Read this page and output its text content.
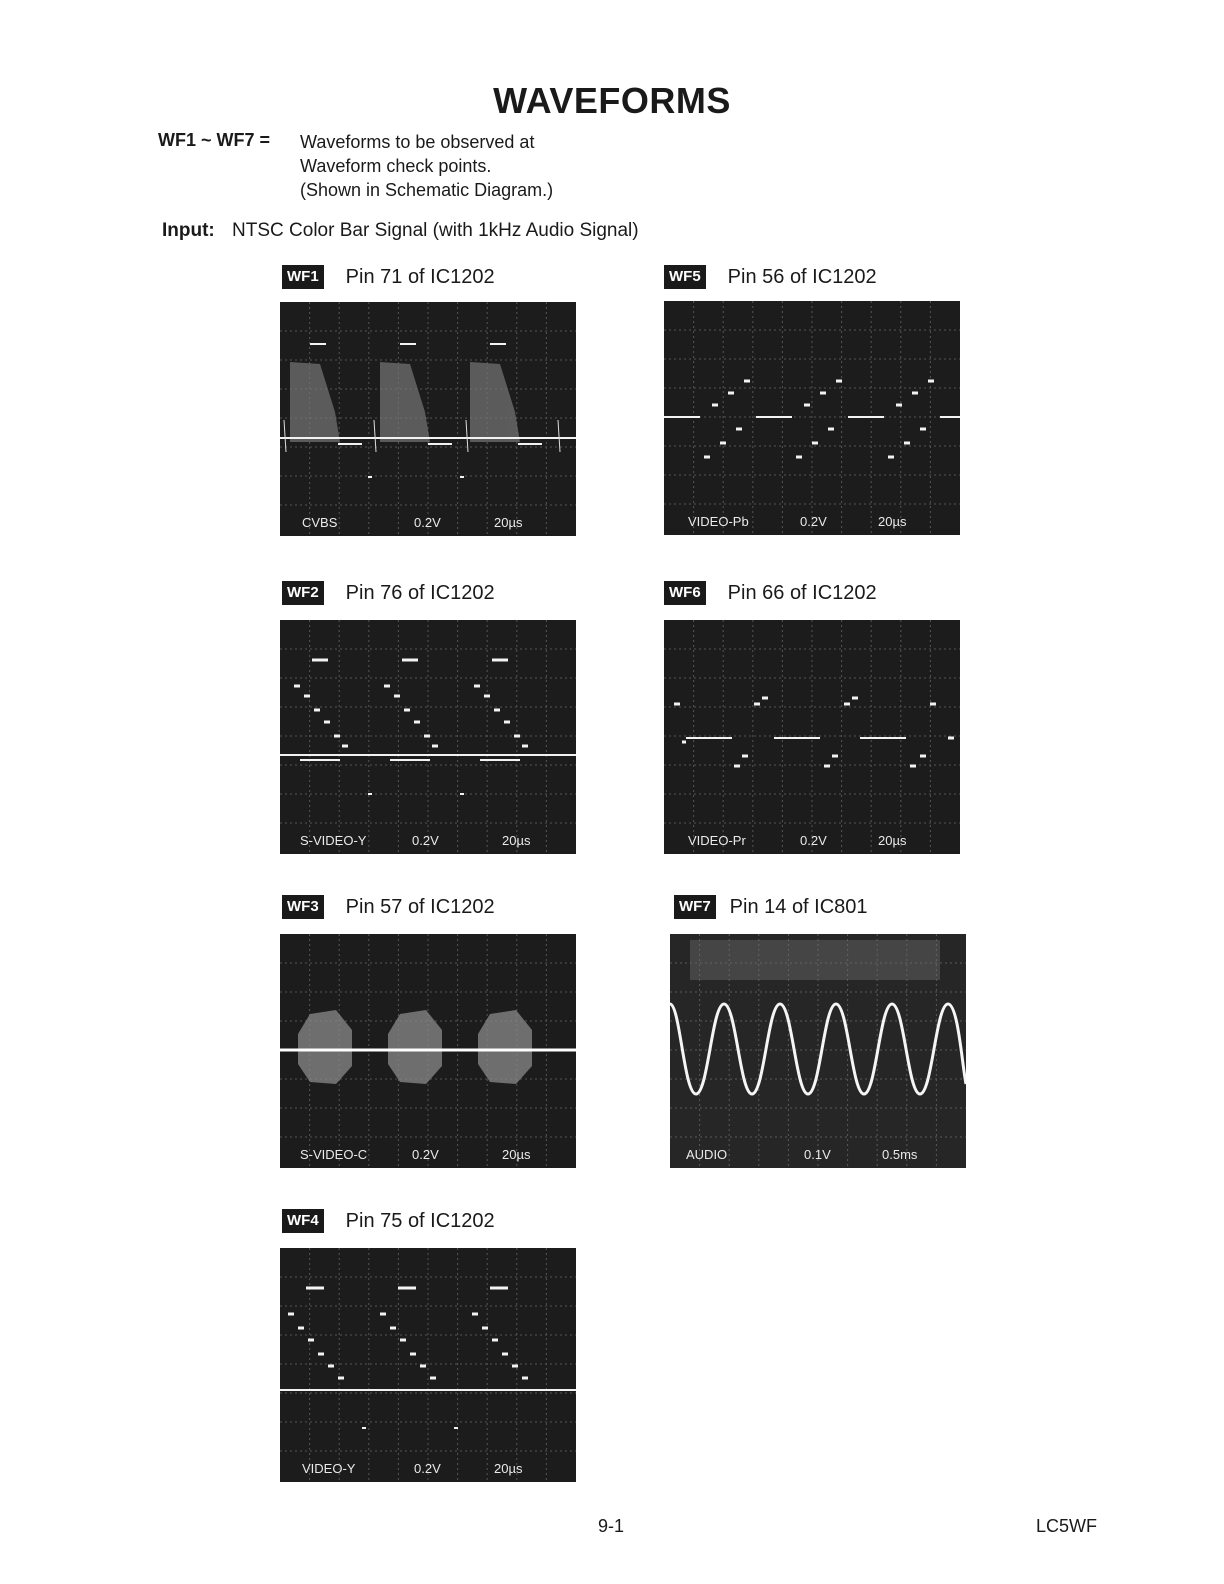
WAVEFORMS
WF1 ~ WF7 = Waveforms to be observed at
Waveform check points.
(Shown in Schematic Diagram.)
Input: NTSC Color Bar Signal (with 1kHz Audio Signal)
WF1 Pin 71 of IC1202
CVBS	0.2V	20µs
WF2 Pin 76 of IC1202
S-VIDEO-Y	0.2V	20µs
WF3 Pin 57 of IC1202
S-VIDEO-C	0.2V	20µs
WF4 Pin 75 of IC1202
VIDEO-Y	0.2V	20µs
WF5 Pin 56 of IC1202
VIDEO-Pb	0.2V	20µs
WF6 Pin 66 of IC1202
VIDEO-Pr	0.2V	20µs
WF7 Pin 14 of IC801
AUDIO	0.1V	0.5ms
9-1	LC5WF
